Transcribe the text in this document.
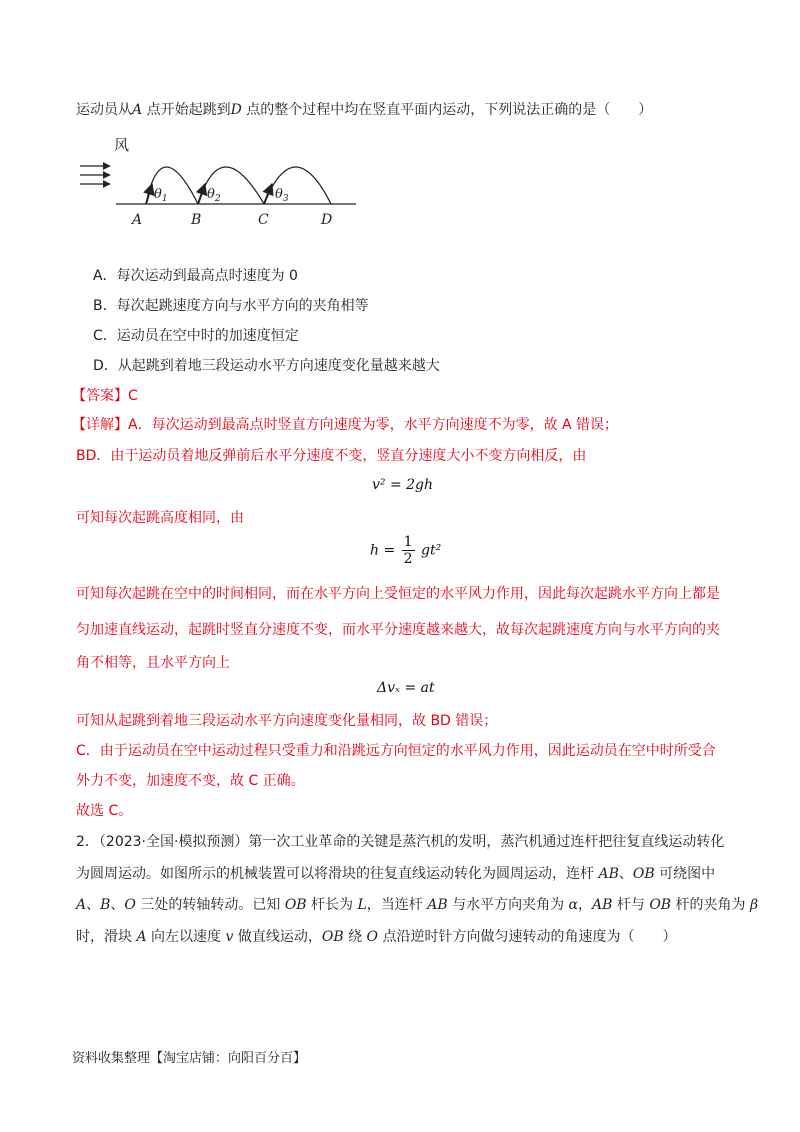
运动员从A 点开始起跳到D 点的整个过程中均在竖直平面内运动，下列说法正确的是（　　）
风
$\theta_1$	$\theta_2$	$\theta_3$
A	B	C	D
A．每次运动到最高点时速度为 0
B．每次起跳速度方向与水平方向的夹角相等
C．运动员在空中时的加速度恒定
D．从起跳到着地三段运动水平方向速度变化量越来越大
【答案】C
【详解】A．每次运动到最高点时竖直方向速度为零，水平方向速度不为零，故 A 错误；
BD．由于运动员着地反弹前后水平分速度不变，竖直分速度大小不变方向相反，由
v² = 2gh
可知每次起跳高度相同，由
$h = \frac{1}{2} gt^2$
可知每次起跳在空中的时间相同，而在水平方向上受恒定的水平风力作用，因此每次起跳水平方向上都是
匀加速直线运动，起跳时竖直分速度不变，而水平分速度越来越大，故每次起跳速度方向与水平方向的夹
角不相等，且水平方向上
Δvₓ = at
可知从起跳到着地三段运动水平方向速度变化量相同，故 BD 错误；
C．由于运动员在空中运动过程只受重力和沿跳远方向恒定的水平风力作用，因此运动员在空中时所受合
外力不变，加速度不变，故 C 正确。
故选 C。
2．（2023·全国·模拟预测）第一次工业革命的关键是蒸汽机的发明，蒸汽机通过连杆把往复直线运动转化
为圆周运动。如图所示的机械装置可以将滑块的往复直线运动转化为圆周运动，连杆 AB、OB 可绕图中
A、B、O 三处的转轴转动。已知 OB 杆长为 L，当连杆 AB 与水平方向夹角为 α，AB 杆与 OB 杆的夹角为 β
时，滑块 A 向左以速度 v 做直线运动，OB 绕 O 点沿逆时针方向做匀速转动的角速度为（　　）
资料收集整理【淘宝店铺：向阳百分百】
